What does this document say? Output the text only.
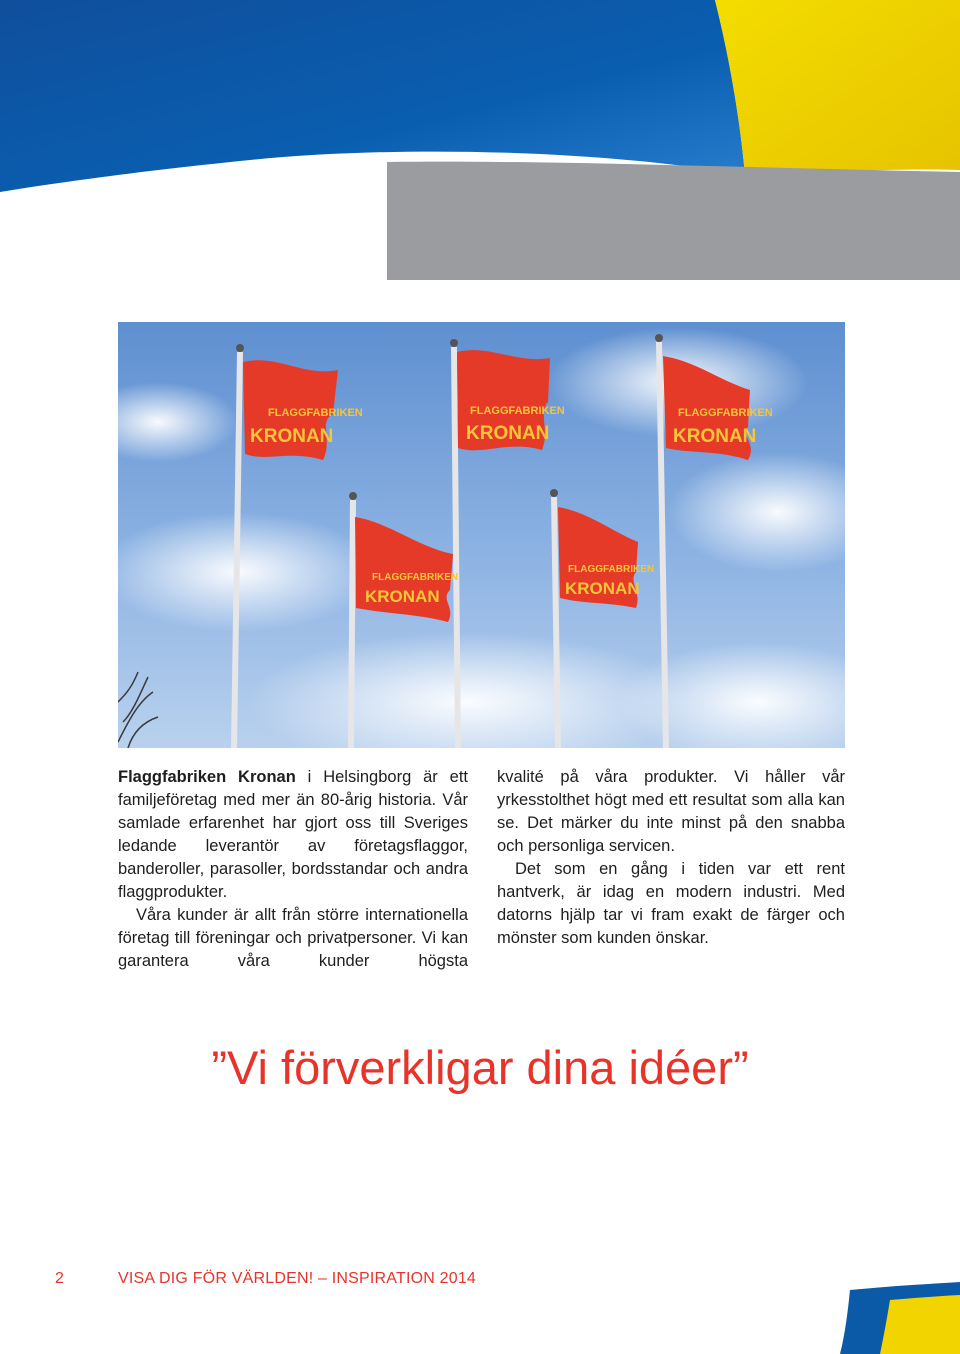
FLAGGFABRIKEN
KRONAN
FLAGGFABRIKEN
KRONAN
FLAGGFABRIKEN
KRONAN
FLAGGFABRIKEN
KRONAN
FLAGGFABRIKEN
KRONAN

Flaggfabriken Kronan i Helsingborg är ett familjeföretag med mer än 80-årig historia. Vår samlade erfarenhet har gjort oss till Sveriges ledande leverantör av företagsflaggor, banderoller, parasoller, bordsstandar och andra flaggprodukter.

Våra kunder är allt från större internationella företag till föreningar och privatpersoner. Vi kan garantera våra kunder högsta

kvalité på våra produkter. Vi håller vår yrkesstolthet högt med ett resultat som alla kan se. Det märker du inte minst på den snabba och personliga servicen.

Det som en gång i tiden var ett rent hantverk, är idag en modern industri. Med datorns hjälp tar vi fram exakt de färger och mönster som kunden önskar.

”Vi förverkligar dina idéer”
2	VISA DIG FÖR VÄRLDEN! – INSPIRATION 2014
